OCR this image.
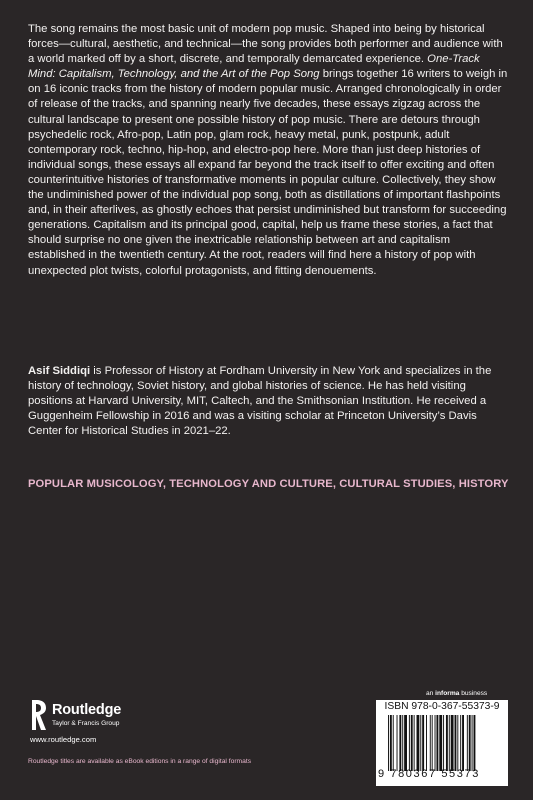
The song remains the most basic unit of modern pop music. Shaped into being by historical forces—cultural, aesthetic, and technical—the song provides both performer and audience with a world marked off by a short, discrete, and temporally demarcated experience. One-Track Mind: Capitalism, Technology, and the Art of the Pop Song brings together 16 writers to weigh in on 16 iconic tracks from the history of modern popular music. Arranged chronologically in order of release of the tracks, and spanning nearly five decades, these essays zigzag across the cultural landscape to present one possible history of pop music. There are detours through psychedelic rock, Afro-pop, Latin pop, glam rock, heavy metal, punk, postpunk, adult contemporary rock, techno, hip-hop, and electro-pop here. More than just deep histories of individual songs, these essays all expand far beyond the track itself to offer exciting and often counterintuitive histories of transformative moments in popular culture. Collectively, they show the undiminished power of the individual pop song, both as distillations of important flashpoints and, in their afterlives, as ghostly echoes that persist undiminished but transform for succeeding generations. Capitalism and its principal good, capital, help us frame these stories, a fact that should surprise no one given the inextricable relationship between art and capitalism established in the twentieth century. At the root, readers will find here a history of pop with unexpected plot twists, colorful protagonists, and fitting denouements.

Asif Siddiqi is Professor of History at Fordham University in New York and specializes in the history of technology, Soviet history, and global histories of science. He has held visiting positions at Harvard University, MIT, Caltech, and the Smithsonian Institution. He received a Guggenheim Fellowship in 2016 and was a visiting scholar at Princeton University’s Davis Center for Historical Studies in 2021–22.

POPULAR MUSICOLOGY, TECHNOLOGY AND CULTURE, CULTURAL STUDIES, HISTORY
Routledge
Taylor & Francis Group
www.routledge.com
Routledge titles are available as eBook editions in a range of digital formats
an informa business
ISBN 978-0-367-55373-9
9 780367 55373
